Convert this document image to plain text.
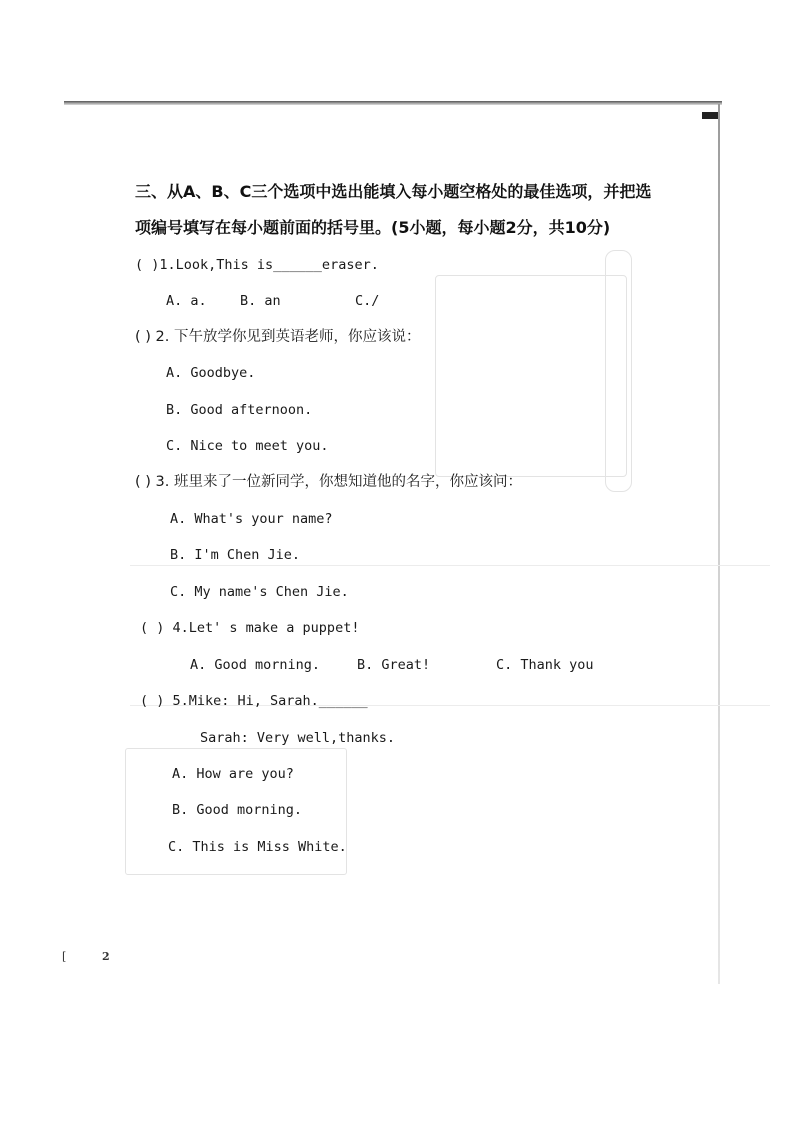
三、从A、B、C三个选项中选出能填入每小题空格处的最佳选项，并把选
项编号填写在每小题前面的括号里。(5小题，每小题2分，共10分)
( )1.Look,This is______eraser.
A. a. B. an	C./
( ) 2. 下午放学你见到英语老师，你应该说：
A. Goodbye.
B. Good afternoon.
C. Nice to meet you.
( ) 3. 班里来了一位新同学，你想知道他的名字，你应该问：
A. What's your name?
B. I'm Chen Jie.
C. My name's Chen Jie.
( ) 4.Let' s make a puppet!
A. Good morning.	B. Great!	C. Thank you
( ) 5.Mike: Hi, Sarah.______
Sarah: Very well,thanks.
A. How are you?
B. Good morning.
C. This is Miss White.
[	2
